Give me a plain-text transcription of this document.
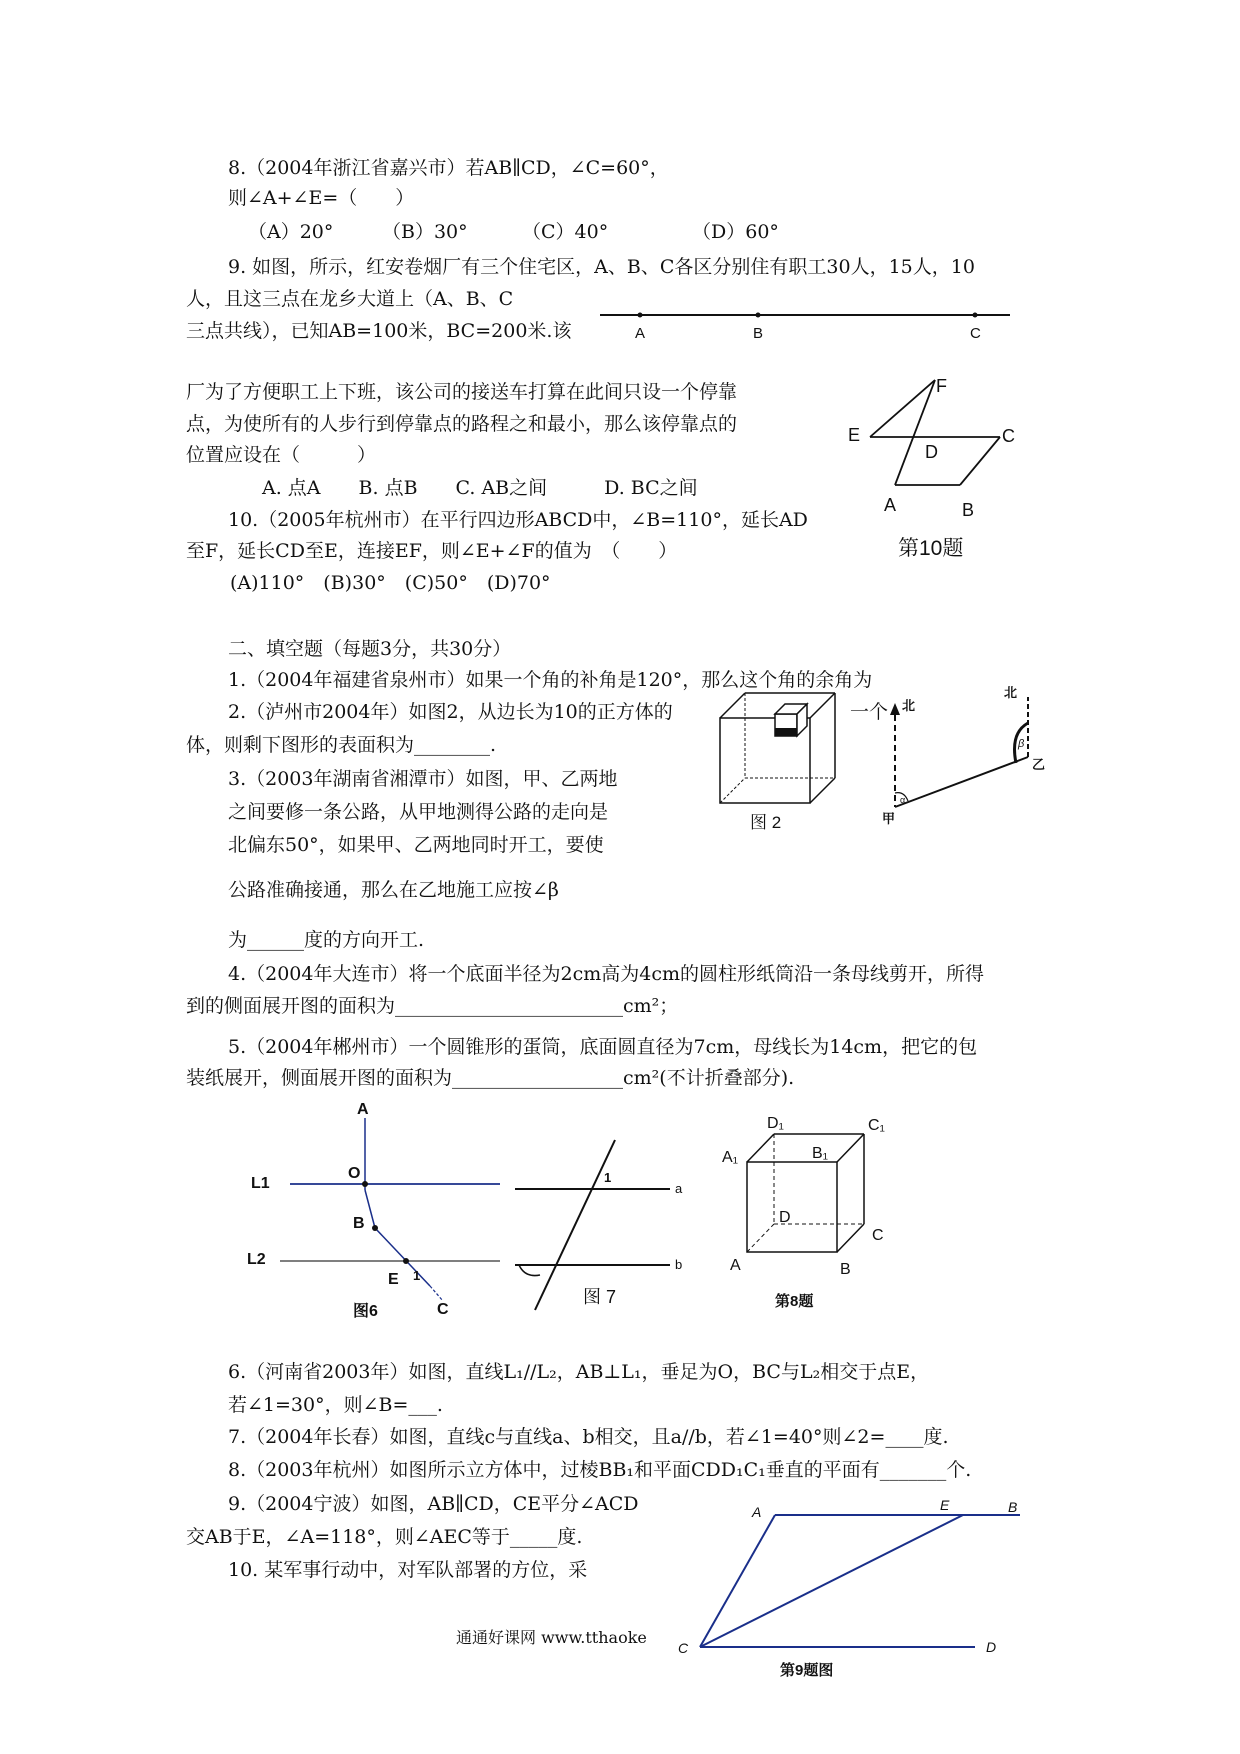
8.（2004年浙江省嘉兴市）若AB∥CD，∠C=60°，
则∠A+∠E=（　　）
（A）20°	（B）30°	（C）40°	（D）60°
9. 如图，所示，红安卷烟厂有三个住宅区，A、B、C各区分别住有职工30人，15人，10
人，且这三点在龙乡大道上（A、B、C
三点共线），已知AB=100米，BC=200米.该	A	B	C
厂为了方便职工上下班，该公司的接送车打算在此间只设一个停靠
点，为使所有的人步行到停靠点的路程之和最小，那么该停靠点的
位置应设在（　　　）
A. 点A　　B. 点B　　C. AB之间　　　D. BC之间
10.（2005年杭州市）在平行四边形ABCD中，∠B=110°，延长AD
至F，延长CD至E，连接EF，则∠E+∠F的值为　（　　）
(A)110°　(B)30°　(C)50°　(D)70°
F
E
D
C
A	B
第10题
二、填空题（每题3分，共30分）
1.（2004年福建省泉州市）如果一个角的补角是120°，那么这个角的余角为
2.（泸州市2004年）如图2，从边长为10的正方体的	一个
体，则剩下图形的表面积为________.
3.（2003年湖南省湘潭市）如图，甲、乙两地
之间要修一条公路，从甲地测得公路的走向是
北偏东50°，如果甲、乙两地同时开工，要使
公路准确接通，那么在乙地施工应按∠β
为______度的方向开工.
图 2
北
北
甲
乙
α
β
4.（2004年大连市）将一个底面半径为2cm高为4cm的圆柱形纸筒沿一条母线剪开，所得
到的侧面展开图的面积为________________________cm²；
5.（2004年郴州市）一个圆锥形的蛋筒，底面圆直径为7cm，母线长为14cm，把它的包
装纸展开，侧面展开图的面积为__________________cm²(不计折叠部分).
A
L1
O
B
L2
E 1
C
图6
1
a
b
图 7
D₁	C₁
A₁	B₁
D
C
A	B
第8题
6.（河南省2003年）如图，直线L₁//L₂，AB⊥L₁，垂足为O，BC与L₂相交于点E，
若∠1=30°，则∠B=___.
7.（2004年长春）如图，直线c与直线a、b相交，且a//b，若∠1=40°则∠2=____度.
8.（2003年杭州）如图所示立方体中，过棱BB₁和平面CDD₁C₁垂直的平面有_______个.
9.（2004宁波）如图，AB∥CD，CE平分∠ACD
交AB于E，∠A=118°，则∠AEC等于_____度.
10. 某军事行动中，对军队部署的方位，采
A	E	B
C	D
第9题图
通通好课网 www.tthaoke
